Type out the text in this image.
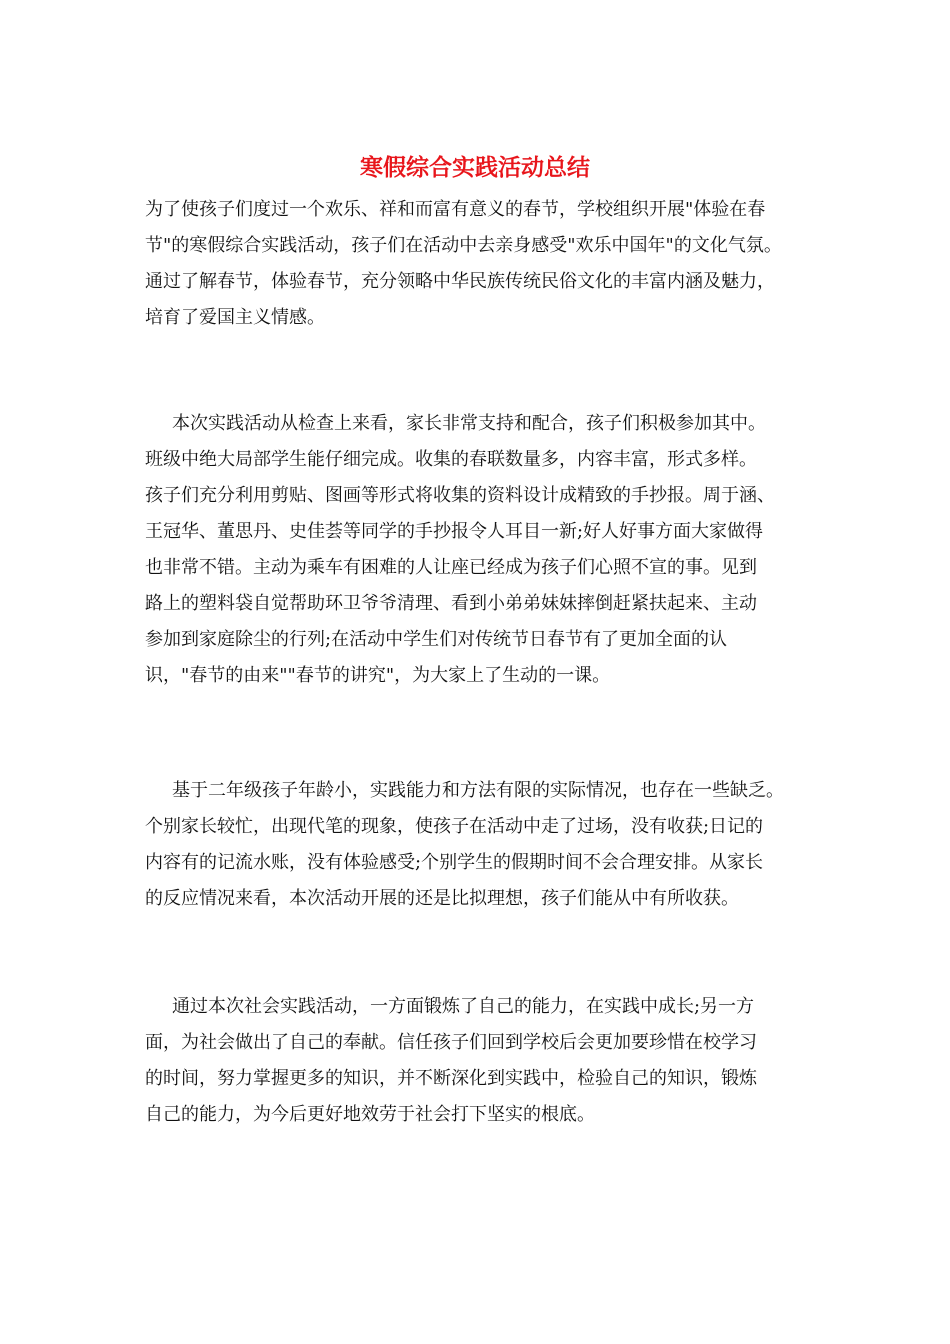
寒假综合实践活动总结

为了使孩子们度过一个欢乐、祥和而富有意义的春节，学校组织开展"体验在春

节"的寒假综合实践活动，孩子们在活动中去亲身感受"欢乐中国年"的文化气氛。

通过了解春节，体验春节，充分领略中华民族传统民俗文化的丰富内涵及魅力，

培育了爱国主义情感。

本次实践活动从检查上来看，家长非常支持和配合，孩子们积极参加其中。

班级中绝大局部学生能仔细完成。收集的春联数量多，内容丰富，形式多样。

孩子们充分利用剪贴、图画等形式将收集的资料设计成精致的手抄报。周于涵、

王冠华、董思丹、史佳荟等同学的手抄报令人耳目一新;好人好事方面大家做得

也非常不错。主动为乘车有困难的人让座已经成为孩子们心照不宣的事。见到

路上的塑料袋自觉帮助环卫爷爷清理、看到小弟弟妹妹摔倒赶紧扶起来、主动

参加到家庭除尘的行列;在活动中学生们对传统节日春节有了更加全面的认

识，"春节的由来""春节的讲究"，为大家上了生动的一课。

基于二年级孩子年龄小，实践能力和方法有限的实际情况，也存在一些缺乏。

个别家长较忙，出现代笔的现象，使孩子在活动中走了过场，没有收获;日记的

内容有的记流水账，没有体验感受;个别学生的假期时间不会合理安排。从家长

的反应情况来看，本次活动开展的还是比拟理想，孩子们能从中有所收获。

通过本次社会实践活动，一方面锻炼了自己的能力，在实践中成长;另一方

面，为社会做出了自己的奉献。信任孩子们回到学校后会更加要珍惜在校学习

的时间，努力掌握更多的知识，并不断深化到实践中，检验自己的知识，锻炼

自己的能力，为今后更好地效劳于社会打下坚实的根底。
